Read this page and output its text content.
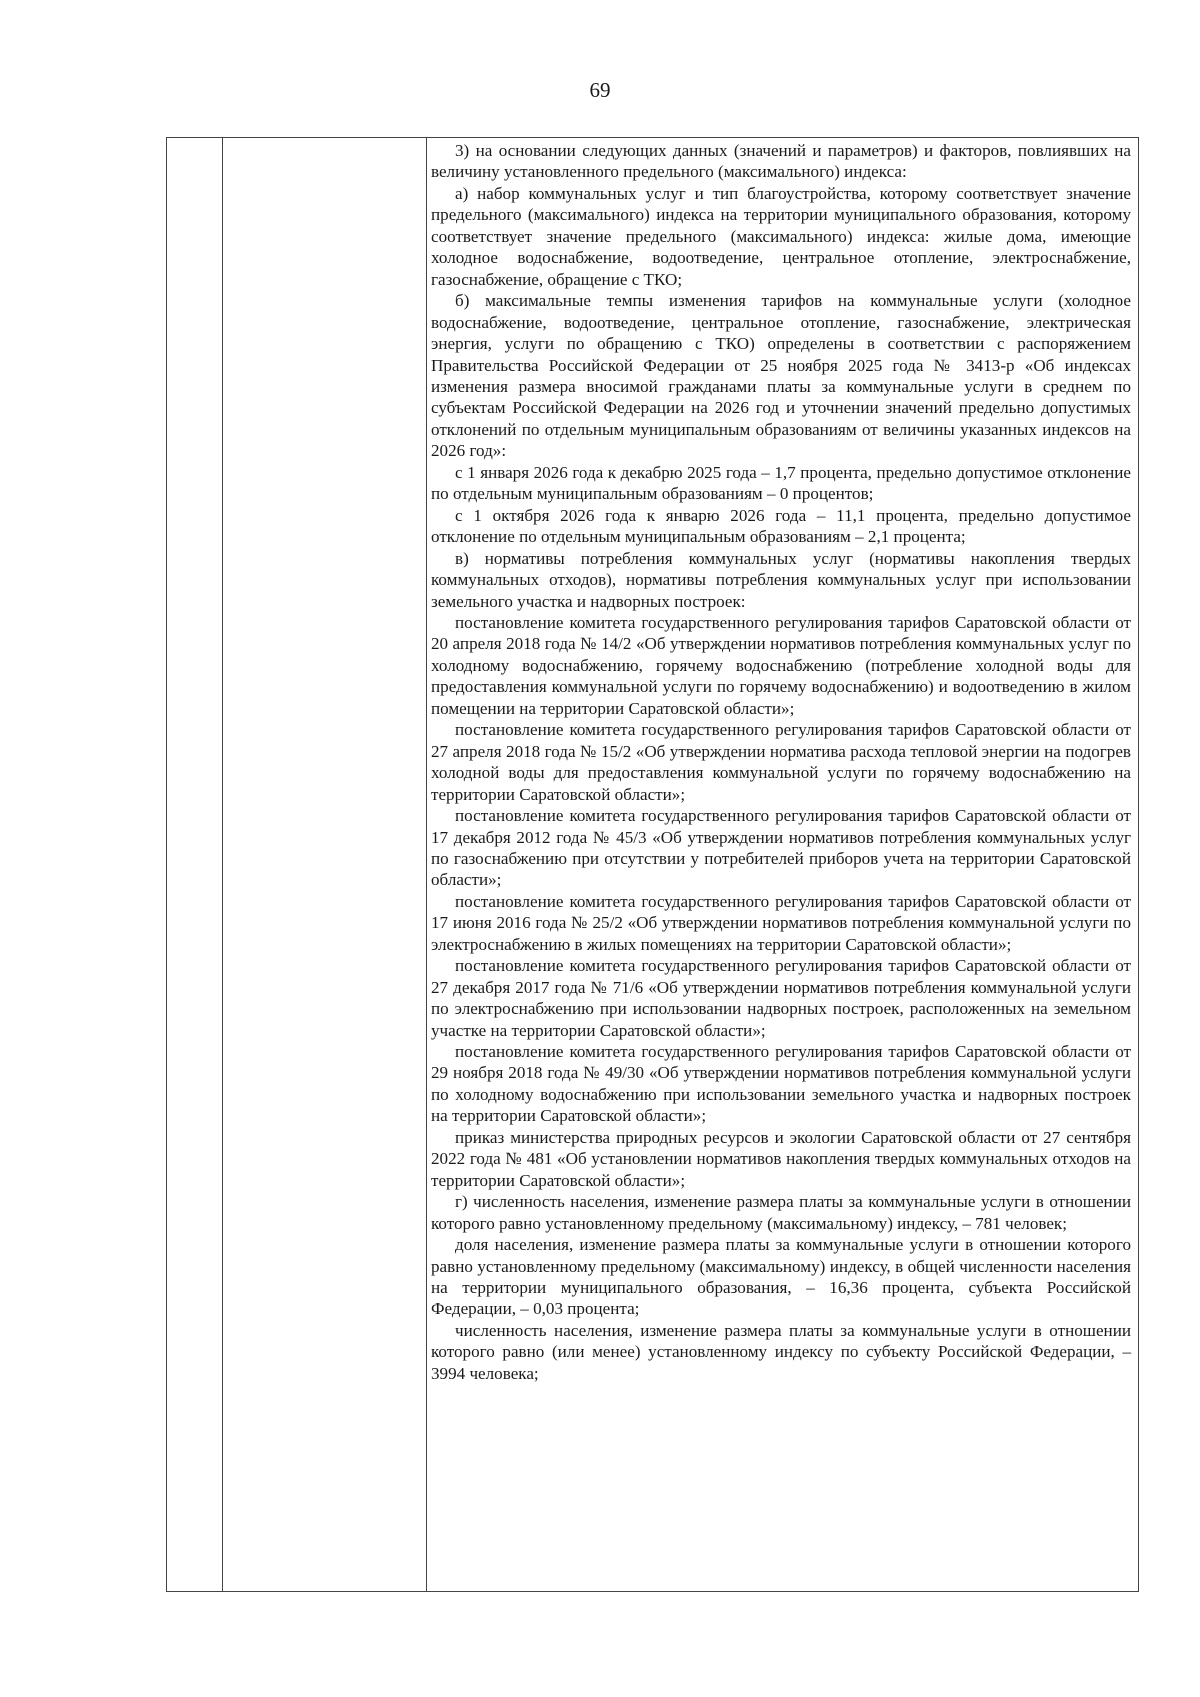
69

3) на основании следующих данных (значений и параметров) и факторов, повлиявших на величину установленного предельного (максимального) индекса:

а) набор коммунальных услуг и тип благоустройства, которому соответствует значение предельного (максимального) индекса на территории муниципального образования, которому соответствует значение предельного (максимального) индекса: жилые дома, имеющие холодное водоснабжение, водоотведение, центральное отопление, электроснабжение, газоснабжение, обращение с ТКО;

б) максимальные темпы изменения тарифов на коммунальные услуги (холодное водоснабжение, водоотведение, центральное отопление, газоснабжение, электрическая энергия, услуги по обращению с ТКО) определены в соответствии с распоряжением Правительства Российской Федерации от 25 ноября 2025 года № 3413-р «Об индексах изменения размера вносимой гражданами платы за коммунальные услуги в среднем по субъектам Российской Федерации на 2026 год и уточнении значений предельно допустимых отклонений по отдельным муниципальным образованиям от величины указанных индексов на 2026 год»:

с 1 января 2026 года к декабрю 2025 года – 1,7 процента, предельно допустимое отклонение по отдельным муниципальным образованиям – 0 процентов;

с 1 октября 2026 года к январю 2026 года – 11,1 процента, предельно допустимое отклонение по отдельным муниципальным образованиям – 2,1 процента;

в) нормативы потребления коммунальных услуг (нормативы накопления твердых коммунальных отходов), нормативы потребления коммунальных услуг при использовании земельного участка и надворных построек:

постановление комитета государственного регулирования тарифов Саратовской области от 20 апреля 2018 года № 14/2 «Об утверждении нормативов потребления коммунальных услуг по холодному водоснабжению, горячему водоснабжению (потребление холодной воды для предоставления коммунальной услуги по горячему водоснабжению) и водоотведению в жилом помещении на территории Саратовской области»;

постановление комитета государственного регулирования тарифов Саратовской области от 27 апреля 2018 года № 15/2 «Об утверждении норматива расхода тепловой энергии на подогрев холодной воды для предоставления коммунальной услуги по горячему водоснабжению на территории Саратовской области»;

постановление комитета государственного регулирования тарифов Саратовской области от 17 декабря 2012 года № 45/3 «Об утверждении нормативов потребления коммунальных услуг по газоснабжению при отсутствии у потребителей приборов учета на территории Саратовской области»;

постановление комитета государственного регулирования тарифов Саратовской области от 17 июня 2016 года № 25/2 «Об утверждении нормативов потребления коммунальной услуги по электроснабжению в жилых помещениях на территории Саратовской области»;

постановление комитета государственного регулирования тарифов Саратовской области от 27 декабря 2017 года № 71/6 «Об утверждении нормативов потребления коммунальной услуги по электроснабжению при использовании надворных построек, расположенных на земельном участке на территории Саратовской области»;

постановление комитета государственного регулирования тарифов Саратовской области от 29 ноября 2018 года № 49/30 «Об утверждении нормативов потребления коммунальной услуги по холодному водоснабжению при использовании земельного участка и надворных построек на территории Саратовской области»;

приказ министерства природных ресурсов и экологии Саратовской области от 27 сентября 2022 года № 481 «Об установлении нормативов накопления твердых коммунальных отходов на территории Саратовской области»;

г) численность населения, изменение размера платы за коммунальные услуги в отношении которого равно установленному предельному (максимальному) индексу, – 781 человек;

доля населения, изменение размера платы за коммунальные услуги в отношении которого равно установленному предельному (максимальному) индексу, в общей численности населения на территории муниципального образования, – 16,36 процента, субъекта Российской Федерации, – 0,03 процента;

численность населения, изменение размера платы за коммунальные услуги в отношении которого равно (или менее) установленному индексу по субъекту Российской Федерации, – 3994 человека;
